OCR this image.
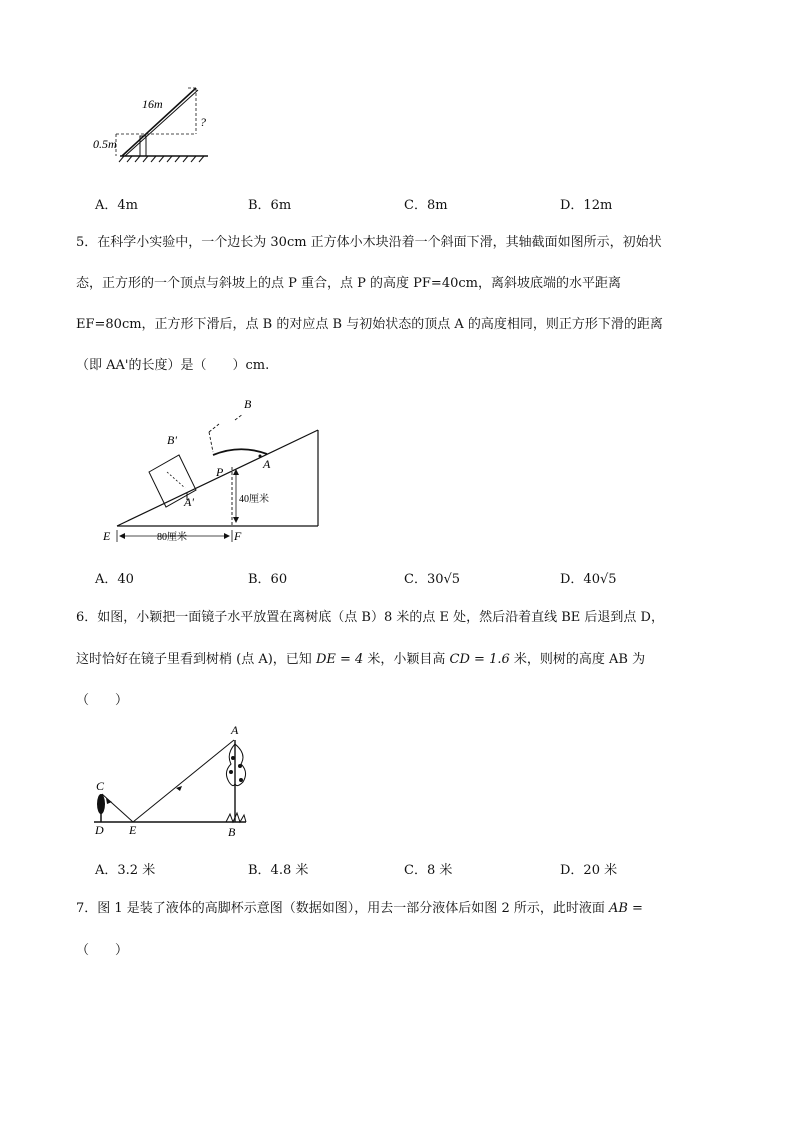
16m
0.5m
?
A．4m	B．6m	C．8m	D．12m
5．在科学小实验中，一个边长为 30cm 正方体小木块沿着一个斜面下滑，其轴截面如图所示，初始状
态，正方形的一个顶点与斜坡上的点 P 重合，点 P 的高度 PF=40cm，离斜坡底端的水平距离
EF=80cm，正方形下滑后，点 B 的对应点 B 与初始状态的顶点 A 的高度相同，则正方形下滑的距离
（即 AA'的长度）是（　　）cm.
B
B'
P
A
A'	40厘米
80厘米
E	F
A．40	B．60	C．30√5	D．40√5
6．如图，小颖把一面镜子水平放置在离树底（点 B）8 米的点 E 处，然后沿着直线 BE 后退到点 D，
这时恰好在镜子里看到树梢 (点 A)，已知 DE = 4 米，小颖目高 CD = 1.6 米，则树的高度 AB 为
（　　）
A
C
D E	B
A．3.2 米	B．4.8 米	C．8 米	D．20 米
7．图 1 是装了液体的高脚杯示意图（数据如图），用去一部分液体后如图 2 所示，此时液面 AB =
（　　）
